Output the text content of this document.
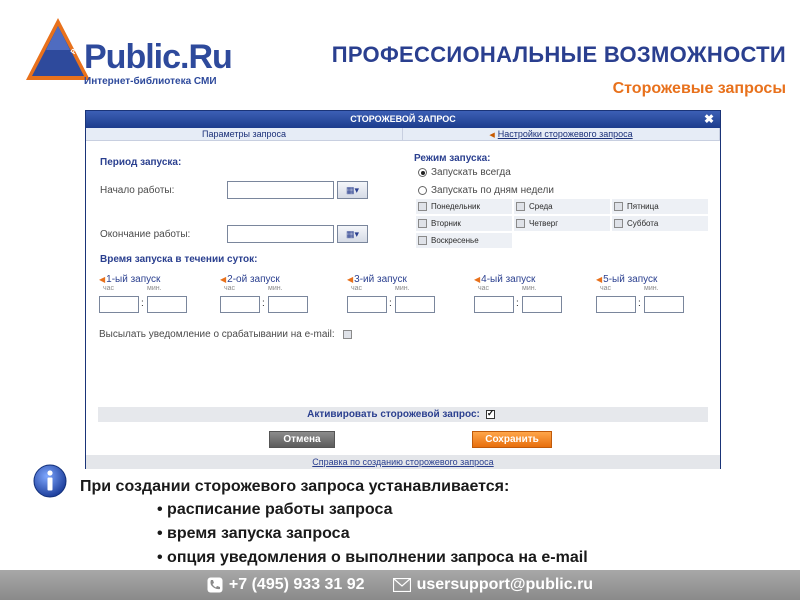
Public.Ru
Public.Ru
Интернет-библиотека СМИ
ПРОФЕССИОНАЛЬНЫЕ ВОЗМОЖНОСТИ
Сторожевые запросы
СТОРОЖЕВОЙ ЗАПРОС	✖
Параметры запроса	◀ Настройки сторожевого запроса
Период запуска:
Начало работы:	▦▾
Окончание работы:	▦▾
Режим запуска:
Запускать всегда
Запускать по дням недели
Понедельник	Среда	Пятница
Вторник	Четверг	Суббота
Воскресенье
Время запуска в течении суток:
◀1-ый запуск
час	мин.
:
◀2-ой запуск
час	мин.
:
◀3-ий запуск
час	мин.
:
◀4-ый запуск
час	мин.
:
◀5-ый запуск
час	мин.
:
Высылать уведомление о срабатывании на e-mail:
Активировать сторожевой запрос:
✓
Отмена	Сохранить
Справка по созданию сторожевого запроса
При создании сторожевого запроса устанавливается:
• расписание работы запроса
• время запуска запроса
• опция уведомления о выполнении запроса на e-mail
+7 (495) 933 31 92	usersupport@public.ru
